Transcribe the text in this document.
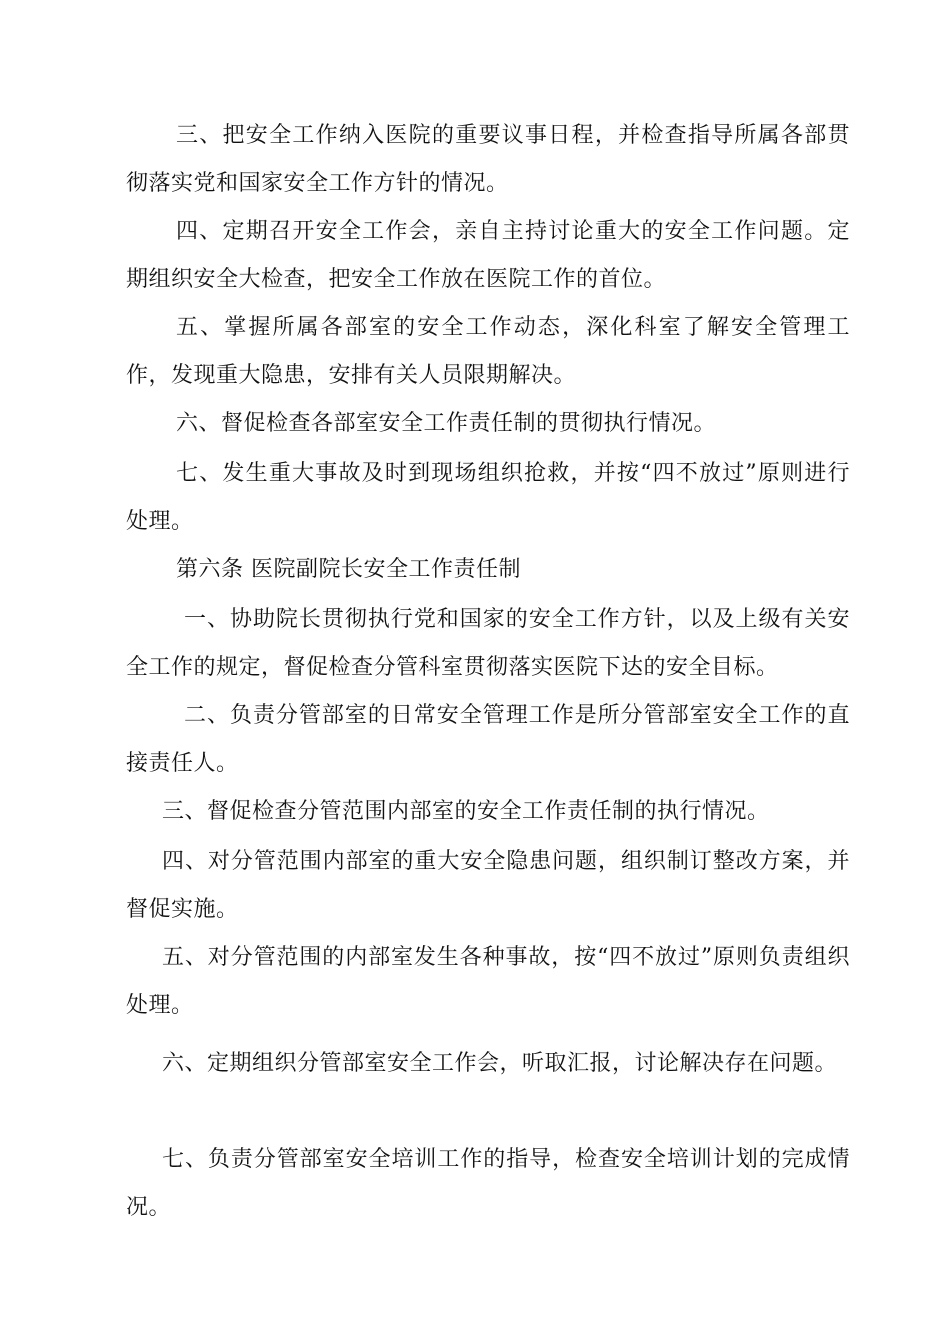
三、把安全工作纳入医院的重要议事日程，并检查指导所属各部贯彻落实党和国家安全工作方针的情况。

四、定期召开安全工作会，亲自主持讨论重大的安全工作问题。定期组织安全大检查，把安全工作放在医院工作的首位。

五、掌握所属各部室的安全工作动态，深化科室了解安全管理工作，发现重大隐患，安排有关人员限期解决。

六、督促检查各部室安全工作责任制的贯彻执行情况。

七、发生重大事故及时到现场组织抢救，并按“四不放过”原则进行处理。

第六条 医院副院长安全工作责任制

一、协助院长贯彻执行党和国家的安全工作方针，以及上级有关安全工作的规定，督促检查分管科室贯彻落实医院下达的安全目标。

二、负责分管部室的日常安全管理工作是所分管部室安全工作的直接责任人。

三、督促检查分管范围内部室的安全工作责任制的执行情况。

四、对分管范围内部室的重大安全隐患问题，组织制订整改方案，并督促实施。

五、对分管范围的内部室发生各种事故，按“四不放过”原则负责组织处理。

六、定期组织分管部室安全工作会，听取汇报，讨论解决存在问题。

七、负责分管部室安全培训工作的指导，检查安全培训计划的完成情况。
